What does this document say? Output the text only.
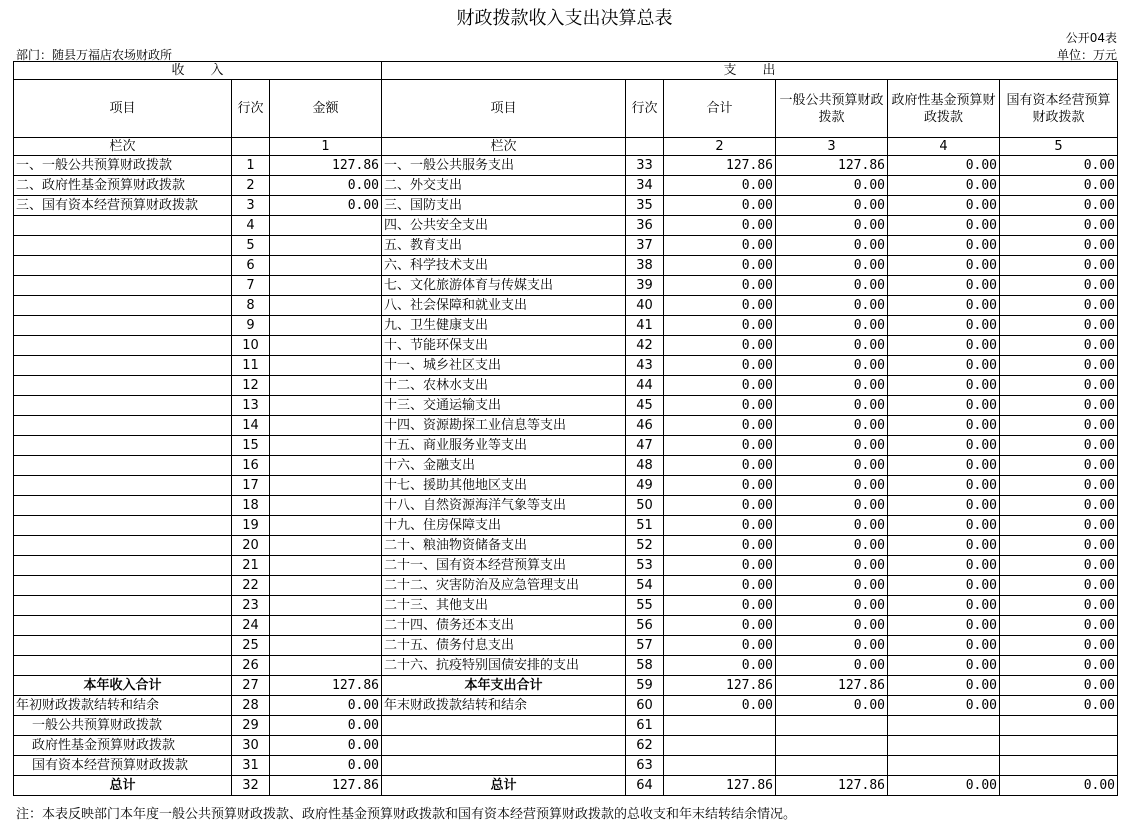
财政拨款收入支出决算总表
公开04表
部门：随县万福店农场财政所	单位：万元
收　　入			支　　出					
项目	行次	金额	项目	行次	合计	一般公共预算财政拨款	政府性基金预算财政拨款	国有资本经营预算财政拨款
栏次		1	栏次		2	3	4	5
一、一般公共预算财政拨款	1	127.86	一、一般公共服务支出	33	127.86	127.86	0.00	0.00
二、政府性基金预算财政拨款	2	0.00	二、外交支出	34	0.00	0.00	0.00	0.00
三、国有资本经营预算财政拨款	3	0.00	三、国防支出	35	0.00	0.00	0.00	0.00
	4		四、公共安全支出	36	0.00	0.00	0.00	0.00
	5		五、教育支出	37	0.00	0.00	0.00	0.00
	6		六、科学技术支出	38	0.00	0.00	0.00	0.00
	7		七、文化旅游体育与传媒支出	39	0.00	0.00	0.00	0.00
	8		八、社会保障和就业支出	40	0.00	0.00	0.00	0.00
	9		九、卫生健康支出	41	0.00	0.00	0.00	0.00
	10		十、节能环保支出	42	0.00	0.00	0.00	0.00
	11		十一、城乡社区支出	43	0.00	0.00	0.00	0.00
	12		十二、农林水支出	44	0.00	0.00	0.00	0.00
	13		十三、交通运输支出	45	0.00	0.00	0.00	0.00
	14		十四、资源勘探工业信息等支出	46	0.00	0.00	0.00	0.00
	15		十五、商业服务业等支出	47	0.00	0.00	0.00	0.00
	16		十六、金融支出	48	0.00	0.00	0.00	0.00
	17		十七、援助其他地区支出	49	0.00	0.00	0.00	0.00
	18		十八、自然资源海洋气象等支出	50	0.00	0.00	0.00	0.00
	19		十九、住房保障支出	51	0.00	0.00	0.00	0.00
	20		二十、粮油物资储备支出	52	0.00	0.00	0.00	0.00
	21		二十一、国有资本经营预算支出	53	0.00	0.00	0.00	0.00
	22		二十二、灾害防治及应急管理支出	54	0.00	0.00	0.00	0.00
	23		二十三、其他支出	55	0.00	0.00	0.00	0.00
	24		二十四、债务还本支出	56	0.00	0.00	0.00	0.00
	25		二十五、债务付息支出	57	0.00	0.00	0.00	0.00
	26		二十六、抗疫特别国债安排的支出	58	0.00	0.00	0.00	0.00
本年收入合计	27	127.86	本年支出合计	59	127.86	127.86	0.00	0.00
年初财政拨款结转和结余	28	0.00	年末财政拨款结转和结余	60	0.00	0.00	0.00	0.00
一般公共预算财政拨款	29	0.00		61				
政府性基金预算财政拨款	30	0.00		62				
国有资本经营预算财政拨款	31	0.00		63				
总计	32	127.86	总计	64	127.86	127.86	0.00	0.00
注：本表反映部门本年度一般公共预算财政拨款、政府性基金预算财政拨款和国有资本经营预算财政拨款的总收支和年末结转结余情况。
